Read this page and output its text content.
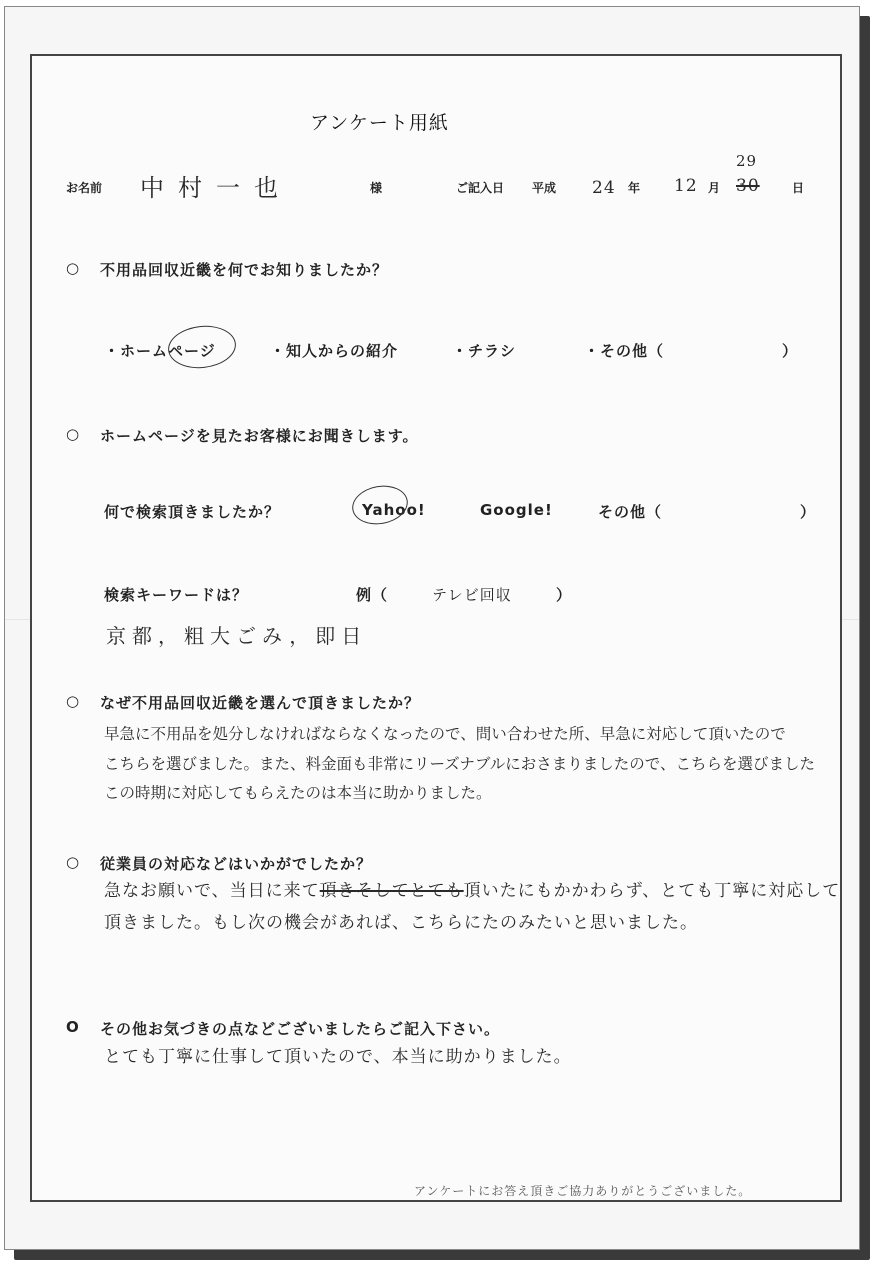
アンケート用紙
お名前 中村一也	様	ご記入日 平成 24 年 12 月
29
30	日
○ 不用品回収近畿を何でお知りましたか？
・ホームページ	・知人からの紹介	・チラシ	・その他（	）
○ ホームページを見たお客様にお聞きします。
何で検索頂きましたか？	Yahoo!	Google!	その他（	）
検索キーワードは？	例（	テレビ回収	）
京都，粗大ごみ，即日
○ なぜ不用品回収近畿を選んで頂きましたか？
早急に不用品を処分しなければならなくなったので、問い合わせた所、早急に対応して頂いたので
こちらを選びました。また、料金面も非常にリーズナブルにおさまりましたので、こちらを選びました
この時期に対応してもらえたのは本当に助かりました。
○ 従業員の対応などはいかがでしたか？
急なお願いで、当日に来て頂きそしてとても頂いたにもかかわらず、とても丁寧に対応して
頂きました。もし次の機会があれば、こちらにたのみたいと思いました。
O その他お気づきの点などございましたらご記入下さい。
とても丁寧に仕事して頂いたので、本当に助かりました。
アンケートにお答え頂きご協力ありがとうございました。
